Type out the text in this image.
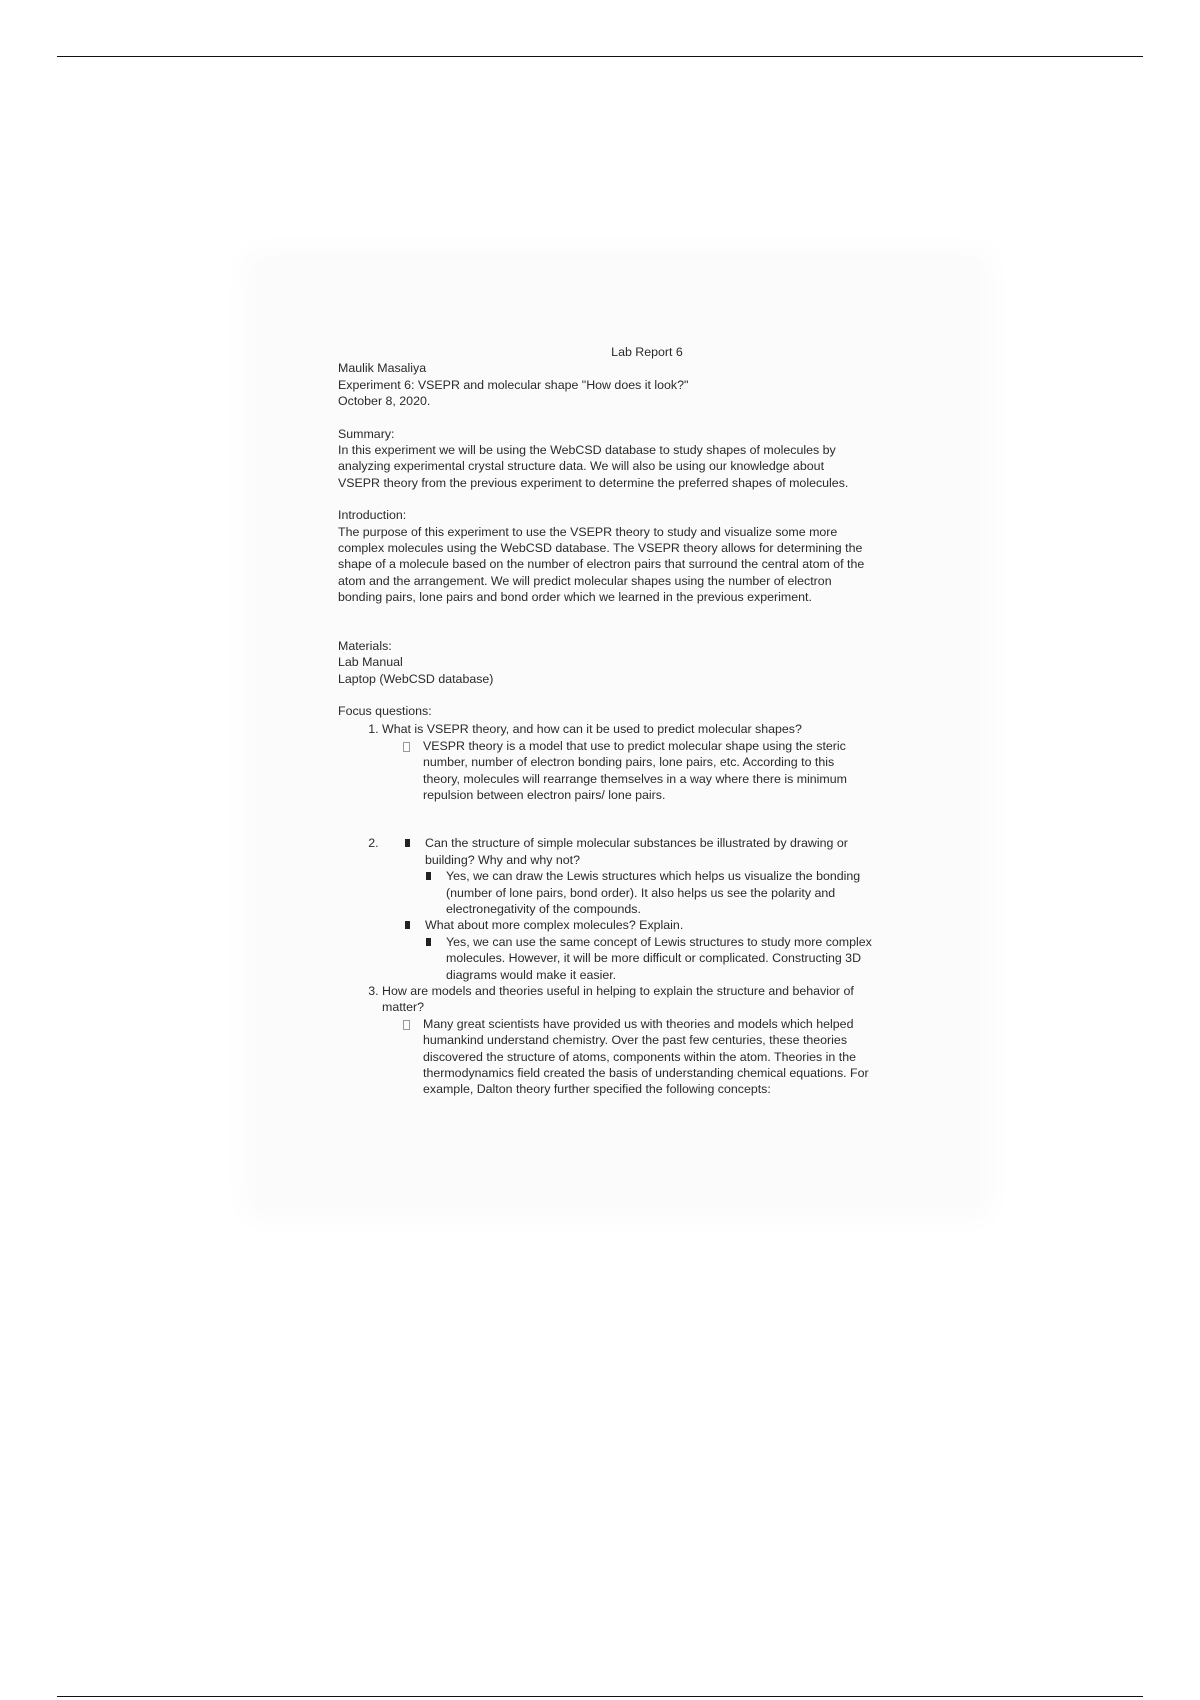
Lab Report 6

Maulik Masaliya

Experiment 6: VSEPR and molecular shape "How does it look?"

October 8, 2020.

Summary:

In this experiment we will be using the WebCSD database to study shapes of molecules by

analyzing experimental crystal structure data. We will also be using our knowledge about

VSEPR theory from the previous experiment to determine the preferred shapes of molecules.

Introduction:

The purpose of this experiment to use the VSEPR theory to study and visualize some more

complex molecules using the WebCSD database. The VSEPR theory allows for determining the

shape of a molecule based on the number of electron pairs that surround the central atom of the

atom and the arrangement. We will predict molecular shapes using the number of electron

bonding pairs, lone pairs and bond order which we learned in the previous experiment.

Materials:

Lab Manual

Laptop (WebCSD database)

Focus questions:

1. What is VSEPR theory, and how can it be used to predict molecular shapes?
VESPR theory is a model that use to predict molecular shape using the steric
number, number of electron bonding pairs, lone pairs, etc. According to this
theory, molecules will rearrange themselves in a way where there is minimum
repulsion between electron pairs/ lone pairs.
2. Can the structure of simple molecular substances be illustrated by drawing or
building? Why and why not?
Yes, we can draw the Lewis structures which helps us visualize the bonding
(number of lone pairs, bond order). It also helps us see the polarity and
electronegativity of the compounds.
What about more complex molecules? Explain.
Yes, we can use the same concept of Lewis structures to study more complex
molecules. However, it will be more difficult or complicated. Constructing 3D
diagrams would make it easier.
3. How are models and theories useful in helping to explain the structure and behavior of
matter?
Many great scientists have provided us with theories and models which helped
humankind understand chemistry. Over the past few centuries, these theories
discovered the structure of atoms, components within the atom. Theories in the
thermodynamics field created the basis of understanding chemical equations. For
example, Dalton theory further specified the following concepts:
